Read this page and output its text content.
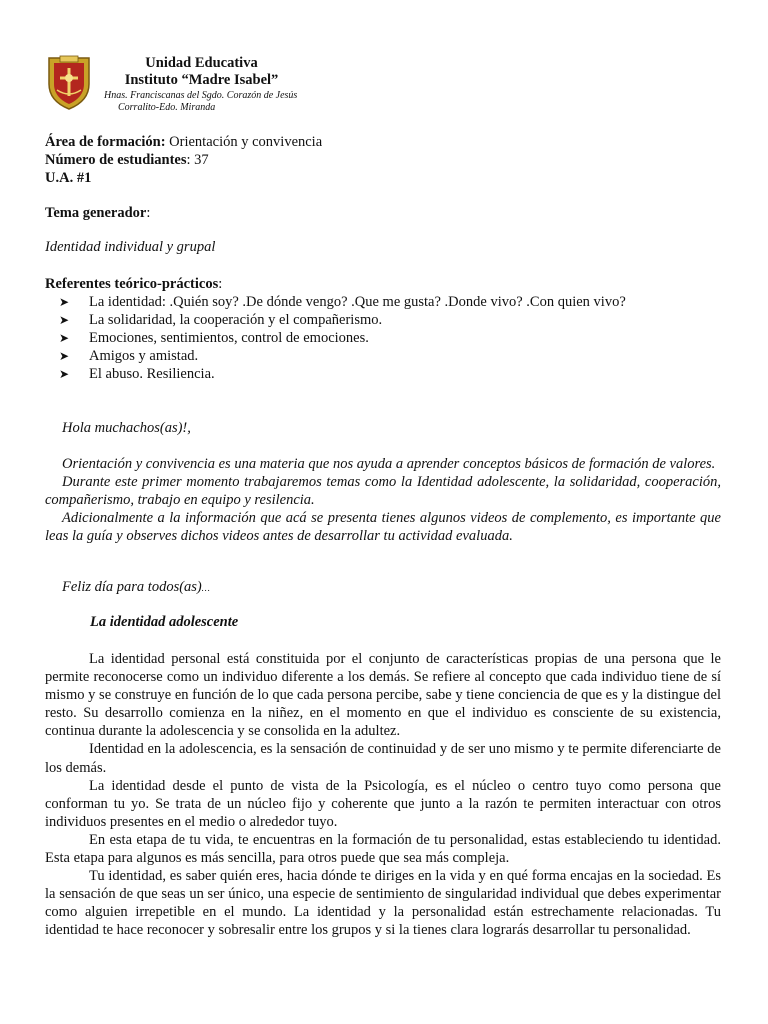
Unidad Educativa
Instituto “Madre Isabel”
Hnas. Franciscanas del Sgdo. Corazón de Jesús
Corralito-Edo. Miranda
Área de formación: Orientación y convivencia
Número de estudiantes: 37
U.A. #1
Tema generador:
Identidad individual y grupal
Referentes teórico-prácticos:
➤ La identidad: .Quién soy? .De dónde vengo? .Que me gusta? .Donde vivo? .Con quien vivo?
➤ La solidaridad, la cooperación y el compañerismo.
➤ Emociones, sentimientos, control de emociones.
➤ Amigos y amistad.
➤ El abuso. Resiliencia.
Hola muchachos(as)!,

Orientación y convivencia es una materia que nos ayuda a aprender conceptos básicos de formación de valores.

Durante este primer momento trabajaremos temas como la Identidad adolescente, la solidaridad, cooperación, compañerismo, trabajo en equipo y resilencia.

Adicionalmente a la información que acá se presenta tienes algunos videos de complemento, es importante que leas la guía y observes dichos videos antes de desarrollar tu actividad evaluada.

Feliz día para todos(as)…
La identidad adolescente

La identidad personal está constituida por el conjunto de características propias de una persona que le permite reconocerse como un individuo diferente a los demás. Se refiere al concepto que cada individuo tiene de sí mismo y se construye en función de lo que cada persona percibe, sabe y tiene conciencia de que es y la distingue del resto. Su desarrollo comienza en la niñez, en el momento en que el individuo es consciente de su existencia, continua durante la adolescencia y se consolida en la adultez.

Identidad en la adolescencia, es la sensación de continuidad y de ser uno mismo y te permite diferenciarte de los demás.

La identidad desde el punto de vista de la Psicología, es el núcleo o centro tuyo como persona que conforman tu yo. Se trata de un núcleo fijo y coherente que junto a la razón te permiten interactuar con otros individuos presentes en el medio o alrededor tuyo.

En esta etapa de tu vida, te encuentras en la formación de tu personalidad, estas estableciendo tu identidad. Esta etapa para algunos es más sencilla, para otros puede que sea más compleja.

Tu identidad, es saber quién eres, hacia dónde te diriges en la vida y en qué forma encajas en la sociedad. Es la sensación de que seas un ser único, una especie de sentimiento de singularidad individual que debes experimentar como alguien irrepetible en el mundo. La identidad y la personalidad están estrechamente relacionadas. Tu identidad te hace reconocer y sobresalir entre los grupos y si la tienes clara lograrás desarrollar tu personalidad.
